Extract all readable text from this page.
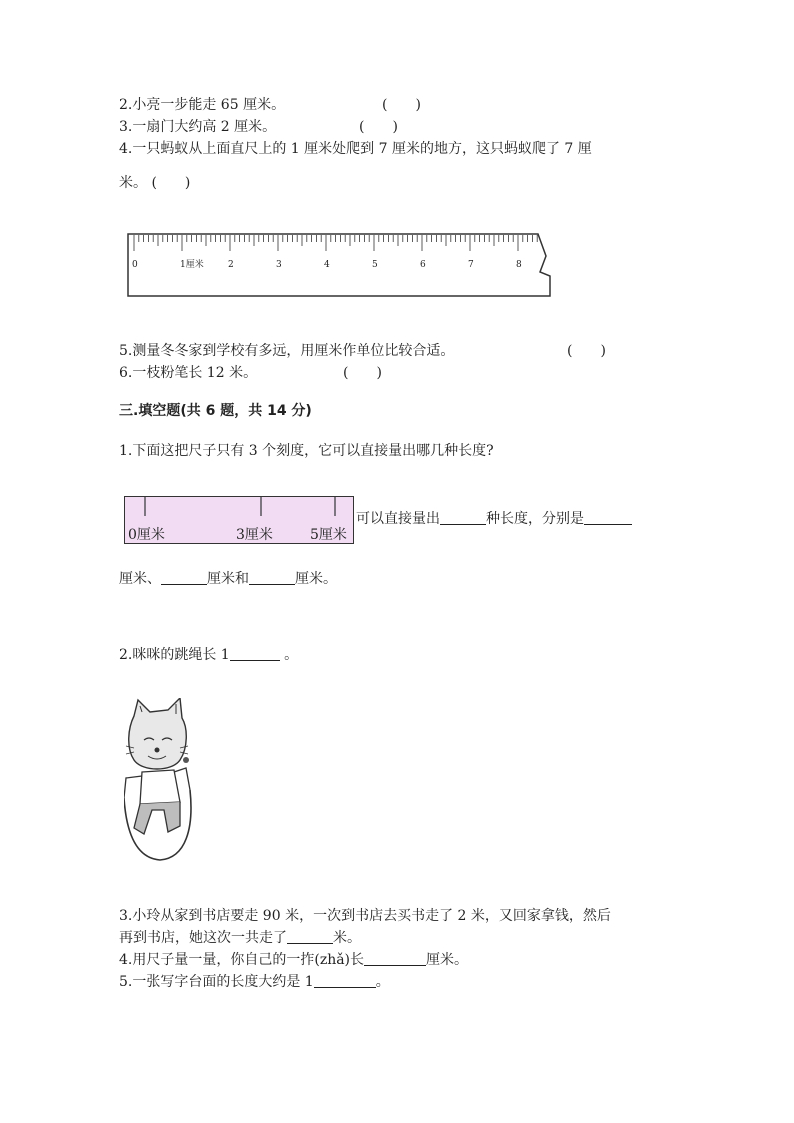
2.小亮一步能走 65 厘米。	(　　)
3.一扇门大约高 2 厘米。	(　　)
4.一只蚂蚁从上面直尺上的 1 厘米处爬到 7 厘米的地方，这只蚂蚁爬了 7 厘
米。 (　　)
0	1厘米	2	3	4	5	6	7	8
5.测量冬冬家到学校有多远，用厘米作单位比较合适。	(　　)
6.一枝粉笔长 12 米。	(　　)
三.填空题(共 6 题，共 14 分)
1.下面这把尺子只有 3 个刻度，它可以直接量出哪几种长度?
0厘米	3厘米	5厘米
可以直接量出	种长度，分别是
厘米、	厘米和	厘米。
2.咪咪的跳绳长 1	。
3.小玲从家到书店要走 90 米，一次到书店去买书走了 2 米，又回家拿钱，然后
再到书店，她这次一共走了	米。
4.用尺子量一量，你自己的一拃(zhǎ)长	厘米。
5.一张写字台面的长度大约是 1	。
